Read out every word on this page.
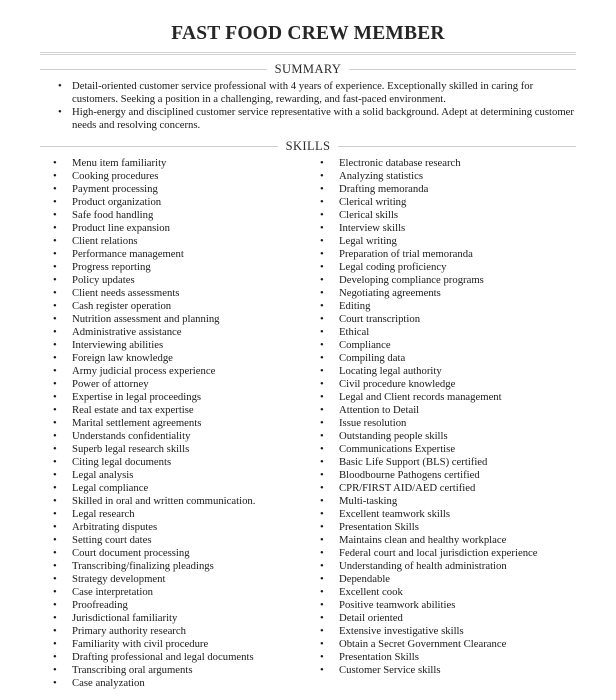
FAST FOOD CREW MEMBER
SUMMARY
• Detail-oriented customer service professional with 4 years of experience. Exceptionally skilled in caring for customers. Seeking a position in a challenging, rewarding, and fast-paced environment.
• High-energy and disciplined customer service representative with a solid background. Adept at determining customer needs and resolving concerns.
SKILLS
• Menu item familiarity
• Cooking procedures
• Payment processing
• Product organization
• Safe food handling
• Product line expansion
• Client relations
• Performance management
• Progress reporting
• Policy updates
• Client needs assessments
• Cash register operation
• Nutrition assessment and planning
• Administrative assistance
• Interviewing abilities
• Foreign law knowledge
• Army judicial process experience
• Power of attorney
• Expertise in legal proceedings
• Real estate and tax expertise
• Marital settlement agreements
• Understands confidentiality
• Superb legal research skills
• Citing legal documents
• Legal analysis
• Legal compliance
• Skilled in oral and written communication.
• Legal research
• Arbitrating disputes
• Setting court dates
• Court document processing
• Transcribing/finalizing pleadings
• Strategy development
• Case interpretation
• Proofreading
• Jurisdictional familiarity
• Primary authority research
• Familiarity with civil procedure
• Drafting professional and legal documents
• Transcribing oral arguments
• Case analyzation
• Electronic database research
• Analyzing statistics
• Drafting memoranda
• Clerical writing
• Clerical skills
• Interview skills
• Legal writing
• Preparation of trial memoranda
• Legal coding proficiency
• Developing compliance programs
• Negotiating agreements
• Editing
• Court transcription
• Ethical
• Compliance
• Compiling data
• Locating legal authority
• Civil procedure knowledge
• Legal and Client records management
• Attention to Detail
• Issue resolution
• Outstanding people skills
• Communications Expertise
• Basic Life Support (BLS) certified
• Bloodbourne Pathogens certified
• CPR/FIRST AID/AED certified
• Multi-tasking
• Excellent teamwork skills
• Presentation Skills
• Maintains clean and healthy workplace
• Federal court and local jurisdiction experience
• Understanding of health administration
• Dependable
• Excellent cook
• Positive teamwork abilities
• Detail oriented
• Extensive investigative skills
• Obtain a Secret Government Clearance
• Presentation Skills
• Customer Service skills
